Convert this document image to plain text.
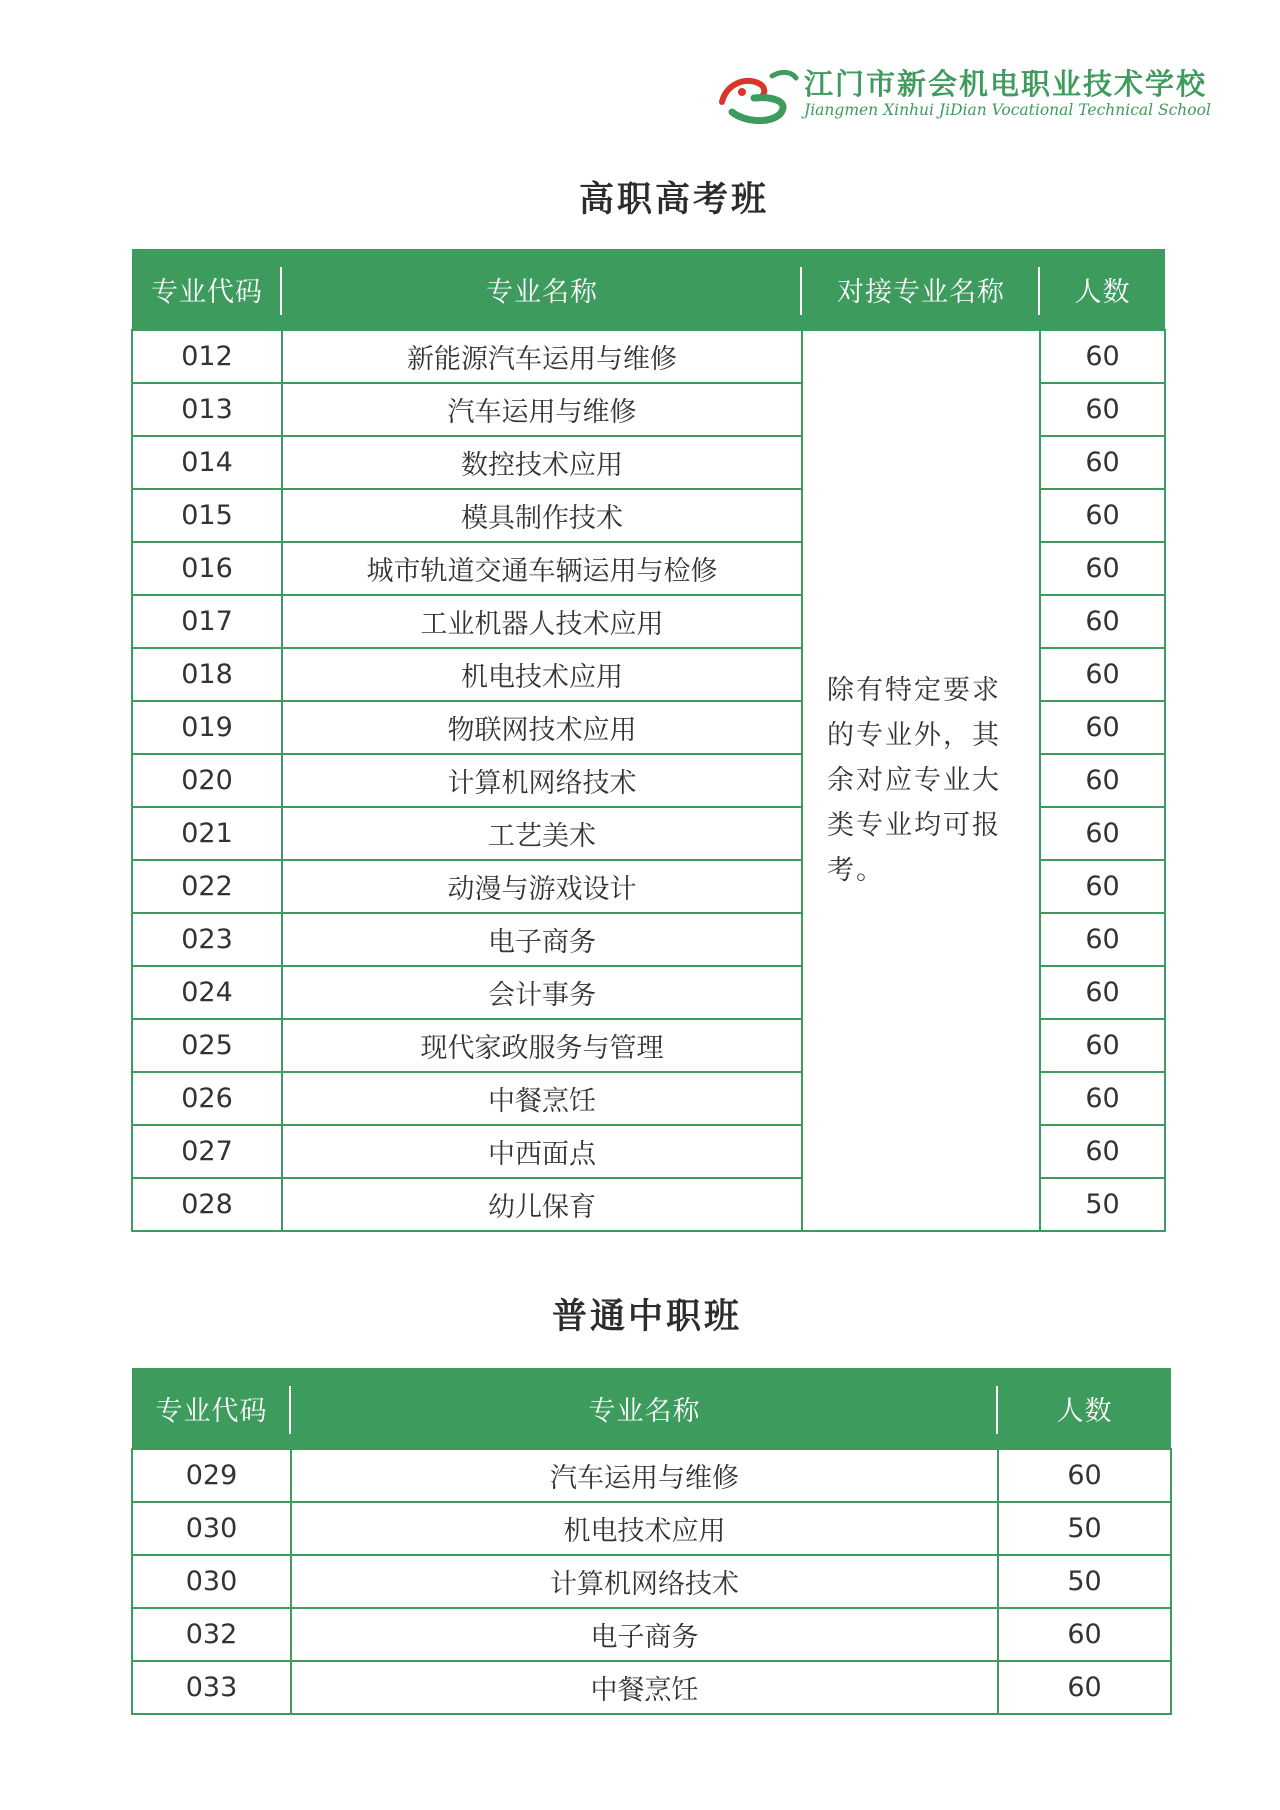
江门市新会机电职业技术学校
Jiangmen Xinhui JiDian Vocational Technical School
高职高考班
专业代码	专业名称	对接专业名称	人数
012	新能源汽车运用与维修	除有特定要求的专业外，其余对应专业大类专业均可报考。	60
013	汽车运用与维修		60
014	数控技术应用		60
015	模具制作技术		60
016	城市轨道交通车辆运用与检修		60
017	工业机器人技术应用		60
018	机电技术应用		60
019	物联网技术应用		60
020	计算机网络技术		60
021	工艺美术		60
022	动漫与游戏设计		60
023	电子商务		60
024	会计事务		60
025	现代家政服务与管理		60
026	中餐烹饪		60
027	中西面点		60
028	幼儿保育		50
普通中职班
专业代码	专业名称	人数
029	汽车运用与维修	60
030	机电技术应用	50
030	计算机网络技术	50
032	电子商务	60
033	中餐烹饪	60
